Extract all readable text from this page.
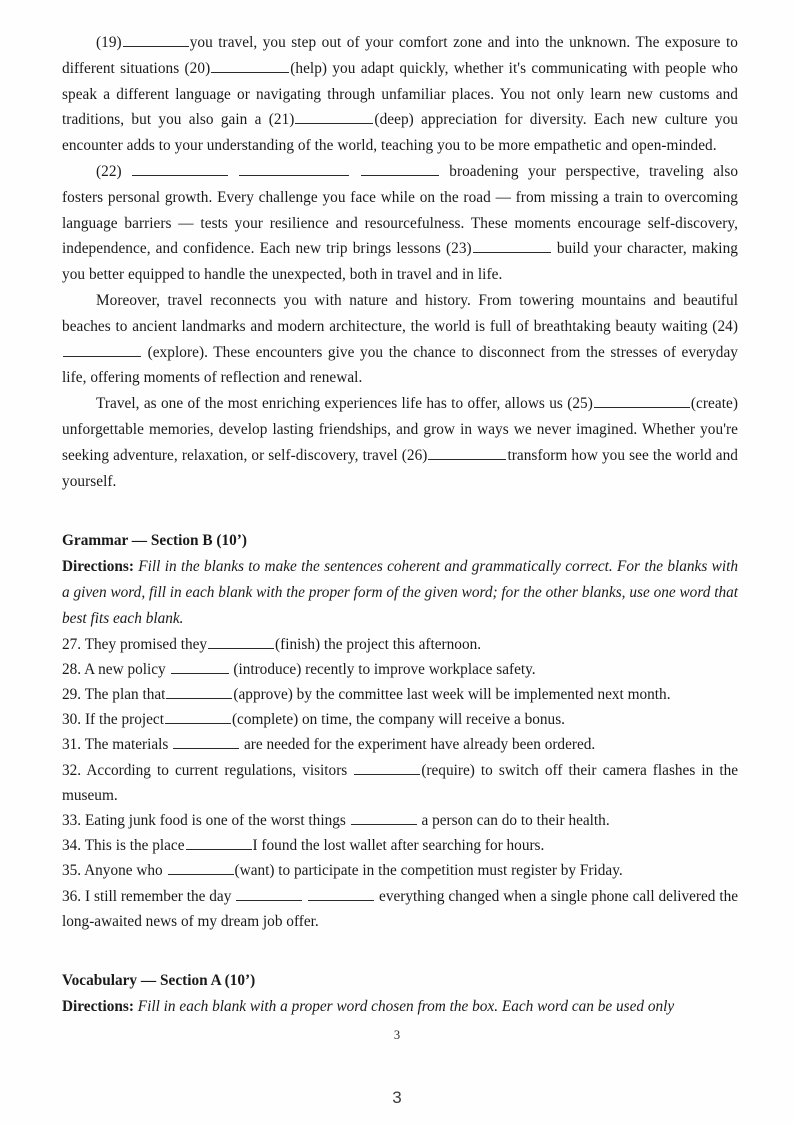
(19)	you travel, you step out of your comfort zone and into the unknown. The exposure to different situations (20)	(help) you adapt quickly, whether it's communicating with people who speak a different language or navigating through unfamiliar places. You not only learn new customs and traditions, but you also gain a (21)	(deep) appreciation for diversity. Each new culture you encounter adds to your understanding of the world, teaching you to be more empathetic and open-minded.

(22)	broadening your perspective, traveling also fosters personal growth. Every challenge you face while on the road — from missing a train to overcoming language barriers — tests your resilience and resourcefulness. These moments encourage self-discovery, independence, and confidence. Each new trip brings lessons (23)	build your character, making you better equipped to handle the unexpected, both in travel and in life.

Moreover, travel reconnects you with nature and history. From towering mountains and beautiful beaches to ancient landmarks and modern architecture, the world is full of breathtaking beauty waiting (24) (explore). These encounters give you the chance to disconnect from the stresses of everyday life, offering moments of reflection and renewal.

Travel, as one of the most enriching experiences life has to offer, allows us (25)	(create) unforgettable memories, develop lasting friendships, and grow in ways we never imagined. Whether you're seeking adventure, relaxation, or self-discovery, travel (26)	transform how you see the world and yourself.

Grammar — Section B (10’)

Directions: Fill in the blanks to make the sentences coherent and grammatically correct. For the blanks with a given word, fill in each blank with the proper form of the given word; for the other blanks, use one word that best fits each blank.

27. They promised they	(finish) the project this afternoon.
28. A new policy	(introduce) recently to improve workplace safety.
29. The plan that	(approve) by the committee last week will be implemented next month.
30. If the project	(complete) on time, the company will receive a bonus.
31. The materials	are needed for the experiment have already been ordered.
32. According to current regulations, visitors	(require) to switch off their camera flashes in the museum.
33. Eating junk food is one of the worst things	a person can do to their health.
34. This is the place	I found the lost wallet after searching for hours.
35. Anyone who	(want) to participate in the competition must register by Friday.
36. I still remember the day	everything changed when a single phone call delivered the long-awaited news of my dream job offer.

Vocabulary — Section A (10’)

Directions: Fill in each blank with a proper word chosen from the box. Each word can be used only

3
3
